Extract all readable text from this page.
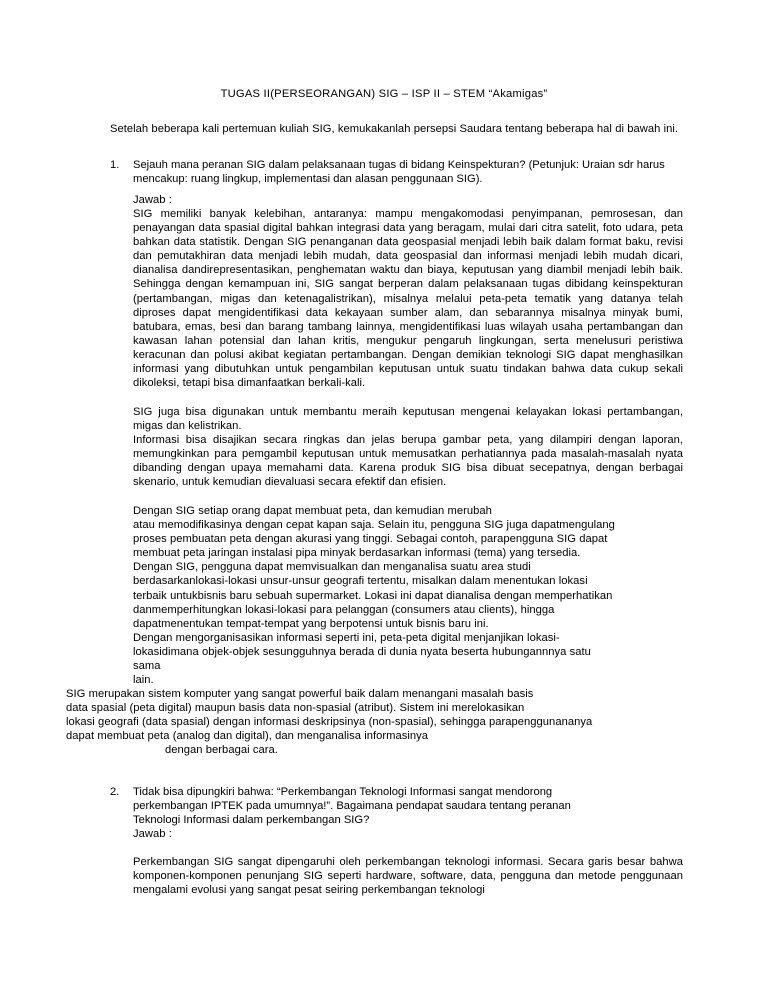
TUGAS II(PERSEORANGAN) SIG – ISP II – STEM “Akamigas”
Setelah beberapa kali pertemuan kuliah SIG, kemukakanlah persepsi Saudara tentang beberapa hal di bawah ini.
1.	Sejauh mana peranan SIG dalam pelaksanaan tugas di bidang Keinspekturan? (Petunjuk: Uraian sdr harus mencakup: ruang lingkup, implementasi dan alasan penggunaan SIG).
Jawab :
SIG memiliki banyak kelebihan, antaranya: mampu mengakomodasi penyimpanan, pemrosesan, dan penayangan data spasial digital bahkan integrasi data yang beragam, mulai dari citra satelit, foto udara, peta bahkan data statistik. Dengan SIG penanganan data geospasial menjadi lebih baik dalam format baku, revisi dan pemutakhiran data menjadi lebih mudah, data geospasial dan informasi menjadi lebih mudah dicari, dianalisa dandirepresentasikan, penghematan waktu dan biaya, keputusan yang diambil menjadi lebih baik. Sehingga dengan kemampuan ini, SIG sangat berperan dalam pelaksanaan tugas dibidang keinspekturan (pertambangan, migas dan ketenagalistrikan), misalnya melalui peta-peta tematik yang datanya telah diproses dapat mengidentifikasi data kekayaan sumber alam, dan sebarannya misalnya minyak bumi, batubara, emas, besi dan barang tambang lainnya, mengidentifikasi luas wilayah usaha pertambangan dan kawasan lahan potensial dan lahan kritis, mengukur pengaruh lingkungan, serta menelusuri peristiwa keracunan dan polusi akibat kegiatan pertambangan. Dengan demikian teknologi SIG dapat menghasilkan informasi yang dibutuhkan untuk pengambilan keputusan untuk suatu tindakan bahwa data cukup sekali dikoleksi, tetapi bisa dimanfaatkan berkali-kali.
SIG juga bisa digunakan untuk membantu meraih keputusan mengenai kelayakan lokasi pertambangan, migas dan kelistrikan.
Informasi bisa disajikan secara ringkas dan jelas berupa gambar peta, yang dilampiri dengan laporan, memungkinkan para pemgambil keputusan untuk memusatkan perhatiannya pada masalah-masalah nyata dibanding dengan upaya memahami data. Karena produk SIG bisa dibuat secepatnya, dengan berbagai skenario, untuk kemudian dievaluasi secara efektif dan efisien.
Dengan SIG setiap orang dapat membuat peta, dan kemudian merubah
atau memodifikasinya dengan cepat kapan saja. Selain itu, pengguna SIG juga dapatmengulang
proses pembuatan peta dengan akurasi yang tinggi. Sebagai contoh, parapengguna SIG dapat
membuat peta jaringan instalasi pipa minyak berdasarkan informasi (tema) yang tersedia.
Dengan SIG, pengguna dapat memvisualkan dan menganalisa suatu area studi
berdasarkanlokasi-lokasi unsur-unsur geografi tertentu, misalkan dalam menentukan lokasi
terbaik untukbisnis baru sebuah supermarket. Lokasi ini dapat dianalisa dengan memperhatikan
danmemperhitungkan lokasi-lokasi para pelanggan (consumers atau clients), hingga
dapatmenentukan tempat-tempat yang berpotensi untuk bisnis baru ini.
Dengan mengorganisasikan informasi seperti ini, peta-peta digital menjanjikan lokasi-
lokasidimana objek-objek sesungguhnya berada di dunia nyata beserta hubungannnya satu
sama
lain.
SIG merupakan sistem komputer yang sangat powerful baik dalam menangani masalah basis
data spasial (peta digital) maupun basis data non-spasial (atribut). Sistem ini merelokasikan
lokasi geografi (data spasial) dengan informasi deskripsinya (non-spasial), sehingga parapenggunananya
dapat membuat peta (analog dan digital), dan menganalisa informasinya
dengan berbagai cara.
2.	Tidak bisa dipungkiri bahwa: “Perkembangan Teknologi Informasi sangat mendorong
perkembangan IPTEK pada umumnya!”. Bagaimana pendapat saudara tentang peranan
Teknologi Informasi dalam perkembangan SIG?
Jawab :
Perkembangan SIG sangat dipengaruhi oleh perkembangan teknologi informasi. Secara garis besar bahwa komponen-komponen penunjang SIG seperti hardware, software, data, pengguna dan metode penggunaan mengalami evolusi yang sangat pesat seiring perkembangan teknologi
